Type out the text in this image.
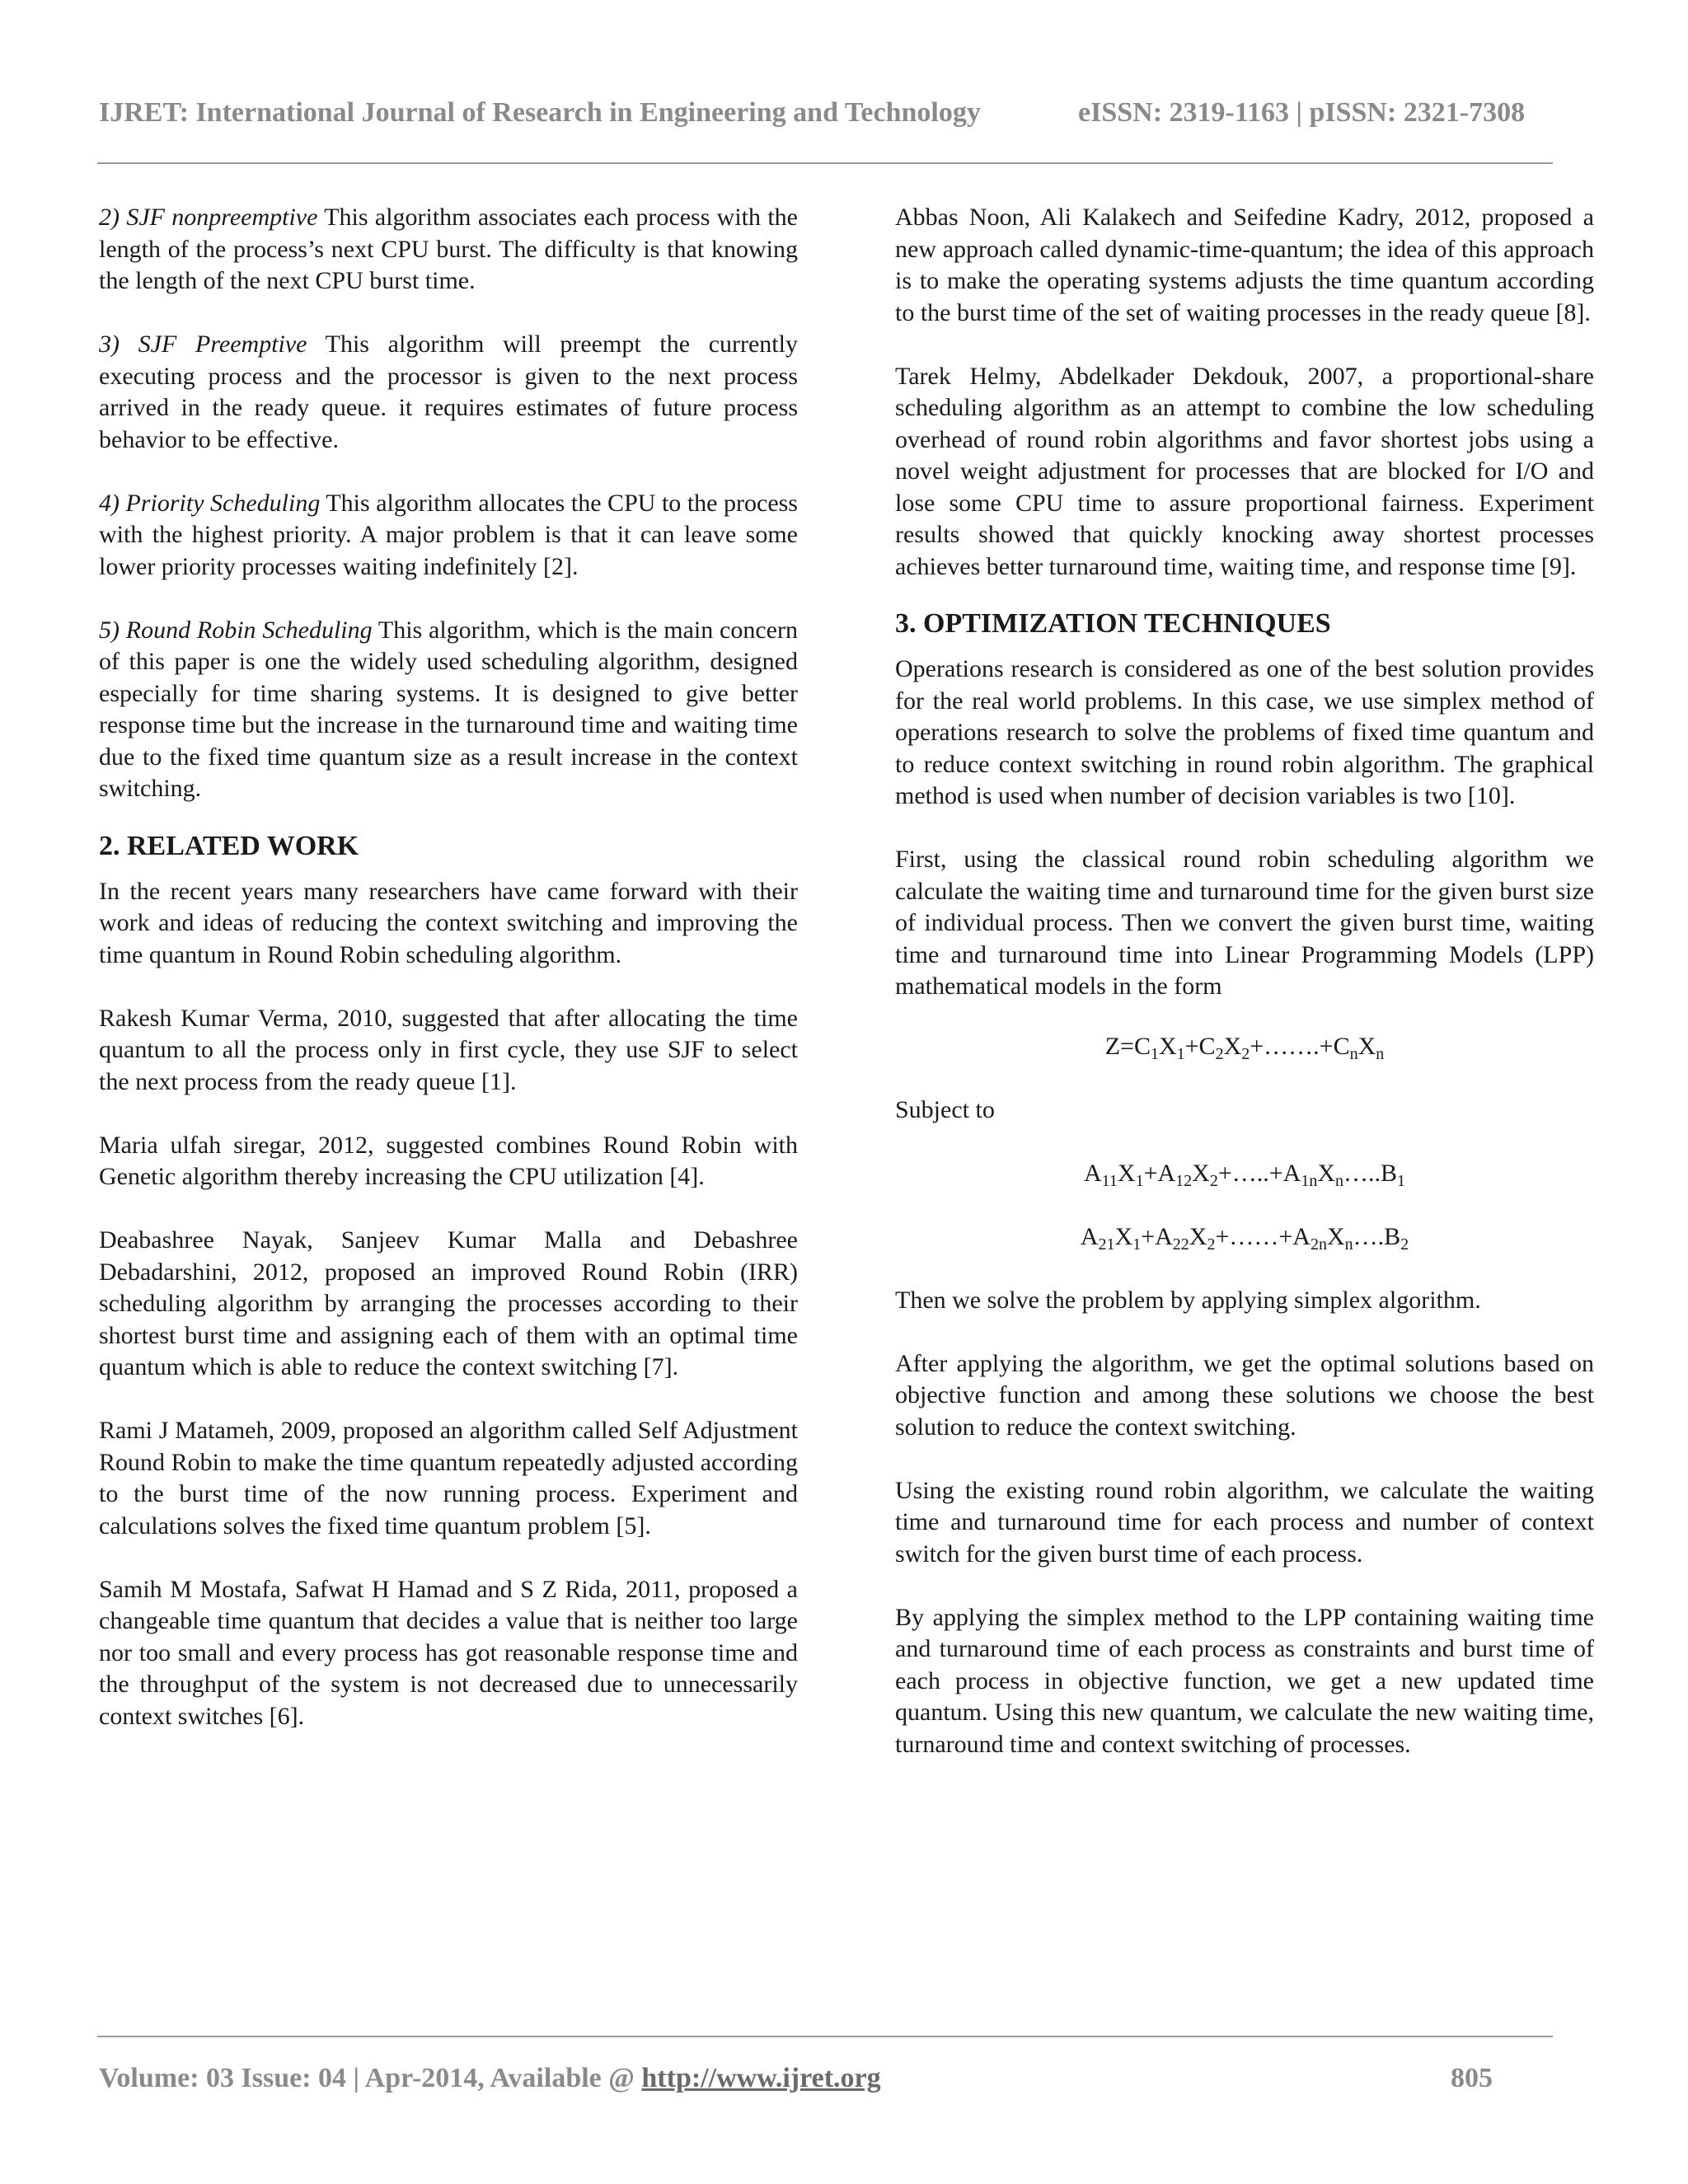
IJRET: International Journal of Research in Engineering and Technology	eISSN: 2319-1163 | pISSN: 2321-7308

2) SJF nonpreemptive This algorithm associates each process with the length of the process’s next CPU burst. The difficulty is that knowing the length of the next CPU burst time.

3) SJF Preemptive This algorithm will preempt the currently executing process and the processor is given to the next process arrived in the ready queue. it requires estimates of future process behavior to be effective.

4) Priority Scheduling This algorithm allocates the CPU to the process with the highest priority. A major problem is that it can leave some lower priority processes waiting indefinitely [2].

5) Round Robin Scheduling This algorithm, which is the main concern of this paper is one the widely used scheduling algorithm, designed especially for time sharing systems. It is designed to give better response time but the increase in the turnaround time and waiting time due to the fixed time quantum size as a result increase in the context switching.

2. RELATED WORK

In the recent years many researchers have came forward with their work and ideas of reducing the context switching and improving the time quantum in Round Robin scheduling algorithm.

Rakesh Kumar Verma, 2010, suggested that after allocating the time quantum to all the process only in first cycle, they use SJF to select the next process from the ready queue [1].

Maria ulfah siregar, 2012, suggested combines Round Robin with Genetic algorithm thereby increasing the CPU utilization [4].

Deabashree Nayak, Sanjeev Kumar Malla and Debashree Debadarshini, 2012, proposed an improved Round Robin (IRR) scheduling algorithm by arranging the processes according to their shortest burst time and assigning each of them with an optimal time quantum which is able to reduce the context switching [7].

Rami J Matameh, 2009, proposed an algorithm called Self Adjustment Round Robin to make the time quantum repeatedly adjusted according to the burst time of the now running process. Experiment and calculations solves the fixed time quantum problem [5].

Samih M Mostafa, Safwat H Hamad and S Z Rida, 2011, proposed a changeable time quantum that decides a value that is neither too large nor too small and every process has got reasonable response time and the throughput of the system is not decreased due to unnecessarily context switches [6].

Abbas Noon, Ali Kalakech and Seifedine Kadry, 2012, proposed a new approach called dynamic-time-quantum; the idea of this approach is to make the operating systems adjusts the time quantum according to the burst time of the set of waiting processes in the ready queue [8].

Tarek Helmy, Abdelkader Dekdouk, 2007, a proportional-share scheduling algorithm as an attempt to combine the low scheduling overhead of round robin algorithms and favor shortest jobs using a novel weight adjustment for processes that are blocked for I/O and lose some CPU time to assure proportional fairness. Experiment results showed that quickly knocking away shortest processes achieves better turnaround time, waiting time, and response time [9].

3. OPTIMIZATION TECHNIQUES

Operations research is considered as one of the best solution provides for the real world problems. In this case, we use simplex method of operations research to solve the problems of fixed time quantum and to reduce context switching in round robin algorithm. The graphical method is used when number of decision variables is two [10].

First, using the classical round robin scheduling algorithm we calculate the waiting time and turnaround time for the given burst size of individual process. Then we convert the given burst time, waiting time and turnaround time into Linear Programming Models (LPP) mathematical models in the form

$Z=C_1X_1+C_2X_2+\dots\dots.+C_nX_n$

Subject to

$A_{11}X_1+A_{12}X_2+\dots..+A_{1n}X_n\dots..B_1$
$A_{21}X_1+A_{22}X_2+\dots\dots+A_{2n}X_n\dots.B_2$

Then we solve the problem by applying simplex algorithm.

After applying the algorithm, we get the optimal solutions based on objective function and among these solutions we choose the best solution to reduce the context switching.

Using the existing round robin algorithm, we calculate the waiting time and turnaround time for each process and number of context switch for the given burst time of each process.

By applying the simplex method to the LPP containing waiting time and turnaround time of each process as constraints and burst time of each process in objective function, we get a new updated time quantum. Using this new quantum, we calculate the new waiting time, turnaround time and context switching of processes.

Volume: 03 Issue: 04 | Apr-2014, Available @ http://www.ijret.org	805
